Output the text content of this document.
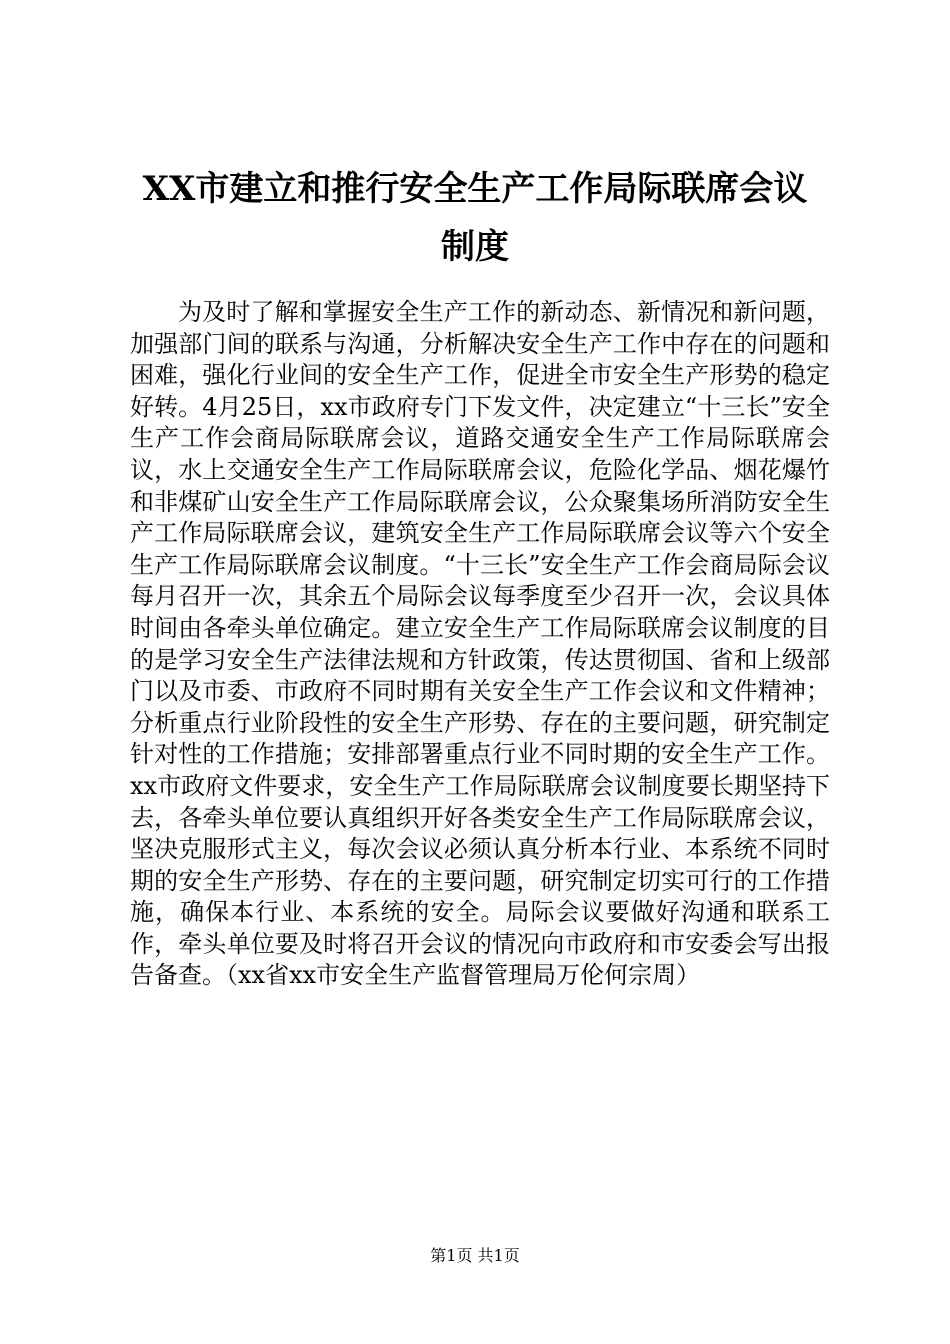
XX市建立和推行安全生产工作局际联席会议
制度

为及时了解和掌握安全生产工作的新动态、新情况和新问题，加强部门间的联系与沟通，分析解决安全生产工作中存在的问题和困难，强化行业间的安全生产工作，促进全市安全生产形势的稳定好转。4月25日，xx市政府专门下发文件，决定建立“十三长”安全生产工作会商局际联席会议，道路交通安全生产工作局际联席会议，水上交通安全生产工作局际联席会议，危险化学品、烟花爆竹和非煤矿山安全生产工作局际联席会议，公众聚集场所消防安全生产工作局际联席会议，建筑安全生产工作局际联席会议等六个安全生产工作局际联席会议制度。“十三长”安全生产工作会商局际会议每月召开一次，其余五个局际会议每季度至少召开一次，会议具体时间由各牵头单位确定。建立安全生产工作局际联席会议制度的目的是学习安全生产法律法规和方针政策，传达贯彻国、省和上级部门以及市委、市政府不同时期有关安全生产工作会议和文件精神；分析重点行业阶段性的安全生产形势、存在的主要问题，研究制定针对性的工作措施；安排部署重点行业不同时期的安全生产工作。xx市政府文件要求，安全生产工作局际联席会议制度要长期坚持下去，各牵头单位要认真组织开好各类安全生产工作局际联席会议，坚决克服形式主义，每次会议必须认真分析本行业、本系统不同时期的安全生产形势、存在的主要问题，研究制定切实可行的工作措施，确保本行业、本系统的安全。局际会议要做好沟通和联系工作，牵头单位要及时将召开会议的情况向市政府和市安委会写出报告备查。（xx省xx市安全生产监督管理局万伦何宗周）

第1页 共1页
